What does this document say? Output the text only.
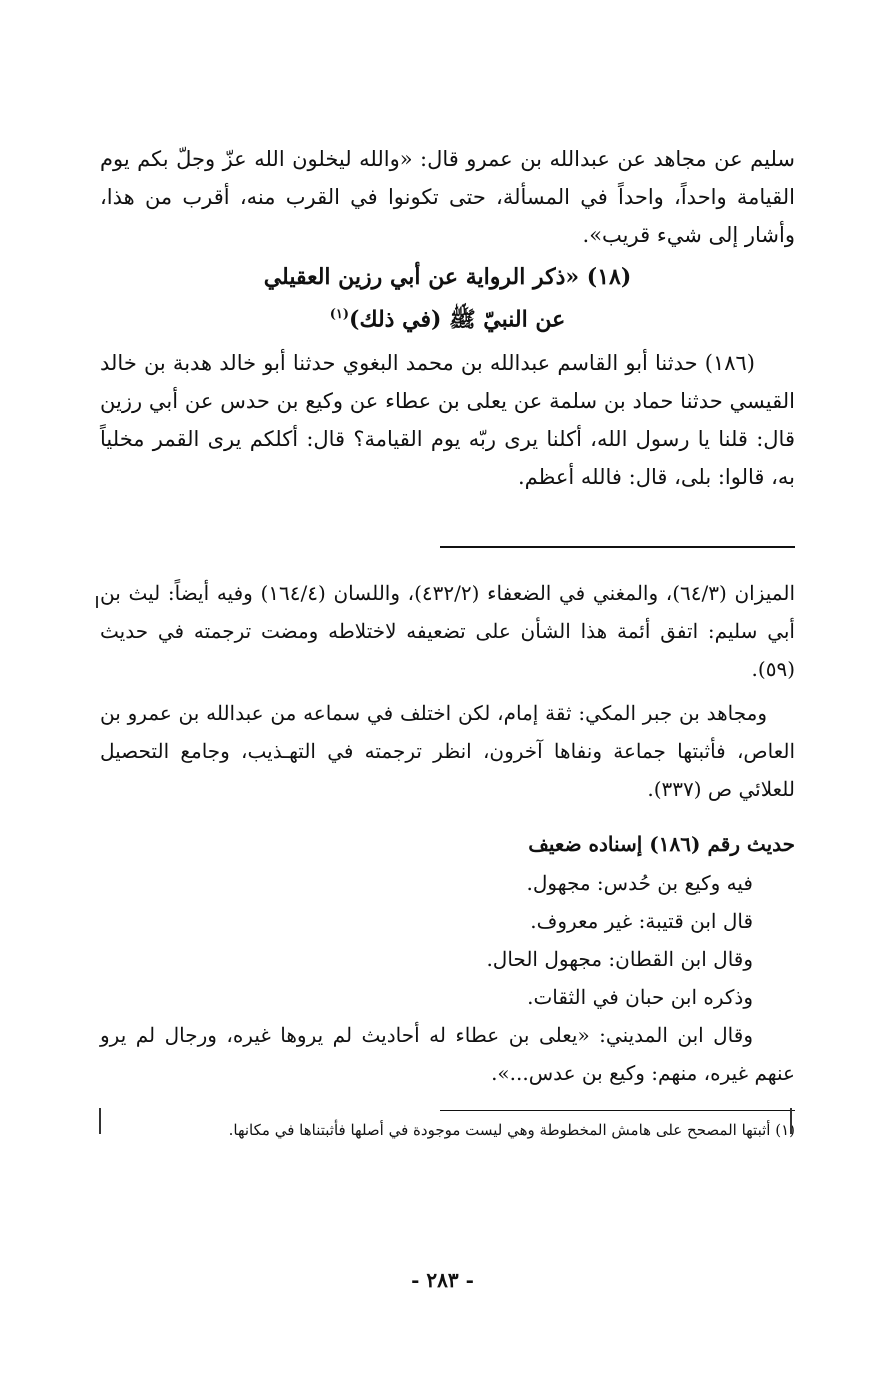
سليم عن مجاهد عن عبدالله بن عمرو قال: «والله ليخلون الله عزّ وجلّ بكم يوم القيامة واحداً، واحداً في المسألة، حتى تكونوا في القرب منه، أقرب من هذا، وأشار إلى شيء قريب».

(١٨) «ذكر الرواية عن أبي رزين العقيلي
عن النبيّ ﷺ (في ذلك)$^{(١)}$

(١٨٦) حدثنا أبو القاسم عبدالله بن محمد البغوي حدثنا أبو خالد هدبة بن خالد القيسي حدثنا حماد بن سلمة عن يعلى بن عطاء عن وكيع بن حدس عن أبي رزين قال: قلنا يا رسول الله، أكلنا يرى ربّه يوم القيامة؟ قال: أكلكم يرى القمر مخلياً به، قالوا: بلى، قال: فالله أعظم.

الميزان (٦٤/٣)، والمغني في الضعفاء (٤٣٢/٢)، واللسان (١٦٤/٤) وفيه أيضاً: ليث بن أبي سليم: اتفق أئمة هذا الشأن على تضعيفه لاختلاطه ومضت ترجمته في حديث (٥٩).

ومجاهد بن جبر المكي: ثقة إمام، لكن اختلف في سماعه من عبدالله بن عمرو بن العاص، فأثبتها جماعة ونفاها آخرون، انظر ترجمته في التهـذيب، وجامع التحصيل للعلائي ص (٣٣٧).

حديث رقم (١٨٦) إسناده ضعيف

فيه وكيع بن حُدس: مجهول.

قال ابن قتيبة: غير معروف.

وقال ابن القطان: مجهول الحال.

وذكره ابن حبان في الثقات.

وقال ابن المديني: «يعلى بن عطاء له أحاديث لم يروها غيره، ورجال لم يرو عنهم غيره، منهم: وكيع بن عدس...».

(١) أثبتها المصحح على هامش المخطوطة وهي ليست موجودة في أصلها فأثبتناها في مكانها.

- ٢٨٣ -
